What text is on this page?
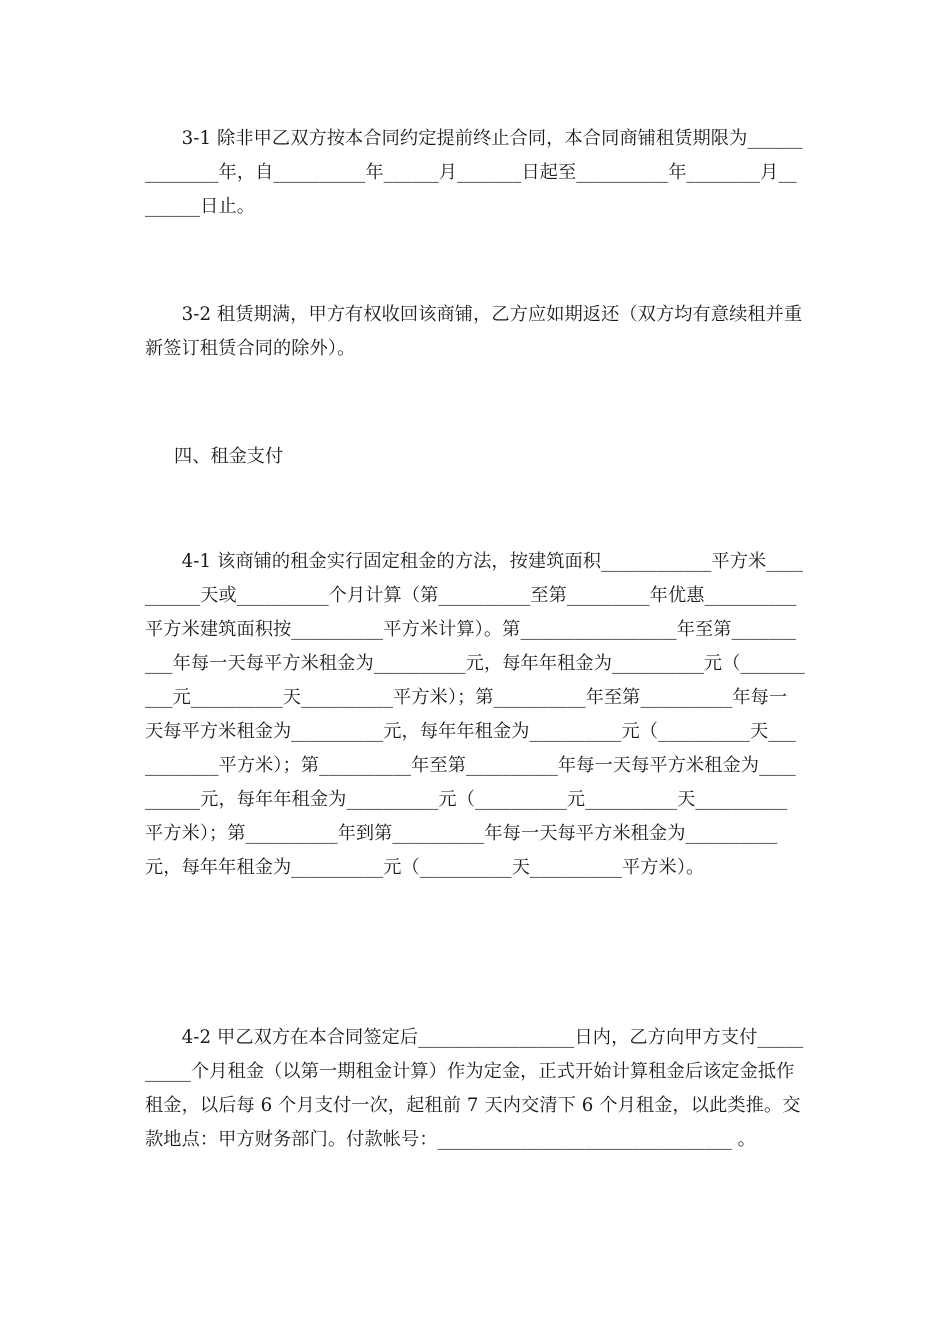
　　3-1 除非甲乙双方按本合同约定提前终止合同，本合同商铺租赁期限为______________年，自__________年______月_______日起至__________年________月________日止。

　　3-2 租赁期满，甲方有权收回该商铺，乙方应如期返还（双方均有意续租并重新签订租赁合同的除外）。

四、租金支付

　　4-1 该商铺的租金实行固定租金的方法，按建筑面积____________平方米__________天或__________个月计算（第__________至第_________年优惠__________平方米建筑面积按__________平方米计算）。第_________________年至第__________年每一天每平方米租金为__________元，每年年租金为__________元（__________元__________天__________平方米）；第__________年至第__________年每一天每平方米租金为__________元，每年年租金为__________元（__________天___________平方米）；第__________年至第__________年每一天每平方米租金为__________元，每年年租金为__________元（__________元__________天__________平方米）；第__________年到第__________年每一天每平方米租金为__________元，每年年租金为__________元（__________天__________平方米）。

　　4-2 甲乙双方在本合同签定后_________________日内，乙方向甲方支付__________个月租金（以第一期租金计算）作为定金，正式开始计算租金后该定金抵作租金，以后每 6 个月支付一次，起租前 7 天内交清下 6 个月租金，以此类推。交款地点：甲方财务部门。付款帐号：________________________________ 。
